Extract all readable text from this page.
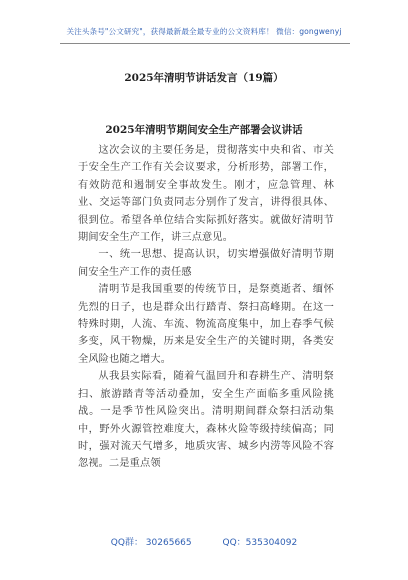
关注头条号"公文研究"，获得最新最全最专业的公文资料库！ 微信：gongwenyj
2025年清明节讲话发言（19篇）
2025年清明节期间安全生产部署会议讲话

这次会议的主要任务是，贯彻落实中央和省、市关于安全生产工作有关会议要求，分析形势，部署工作，有效防范和遏制安全事故发生。刚才，应急管理、林业、交运等部门负责同志分别作了发言，讲得很具体、很到位。希望各单位结合实际抓好落实。就做好清明节期间安全生产工作，讲三点意见。

一、统一思想、提高认识，切实增强做好清明节期间安全生产工作的责任感

清明节是我国重要的传统节日，是祭奠逝者、缅怀先烈的日子，也是群众出行踏青、祭扫高峰期。在这一特殊时期，人流、车流、物流高度集中，加上春季气候多变，风干物燥，历来是安全生产的关键时期，各类安全风险也随之增大。

从我县实际看，随着气温回升和春耕生产、清明祭扫、旅游踏青等活动叠加，安全生产面临多重风险挑战。一是季节性风险突出。清明期间群众祭扫活动集中，野外火源管控难度大，森林火险等级持续偏高；同时，强对流天气增多，地质灾害、城乡内涝等风险不容忽视。二是重点领

QQ群： 30265665	QQ：535304092
